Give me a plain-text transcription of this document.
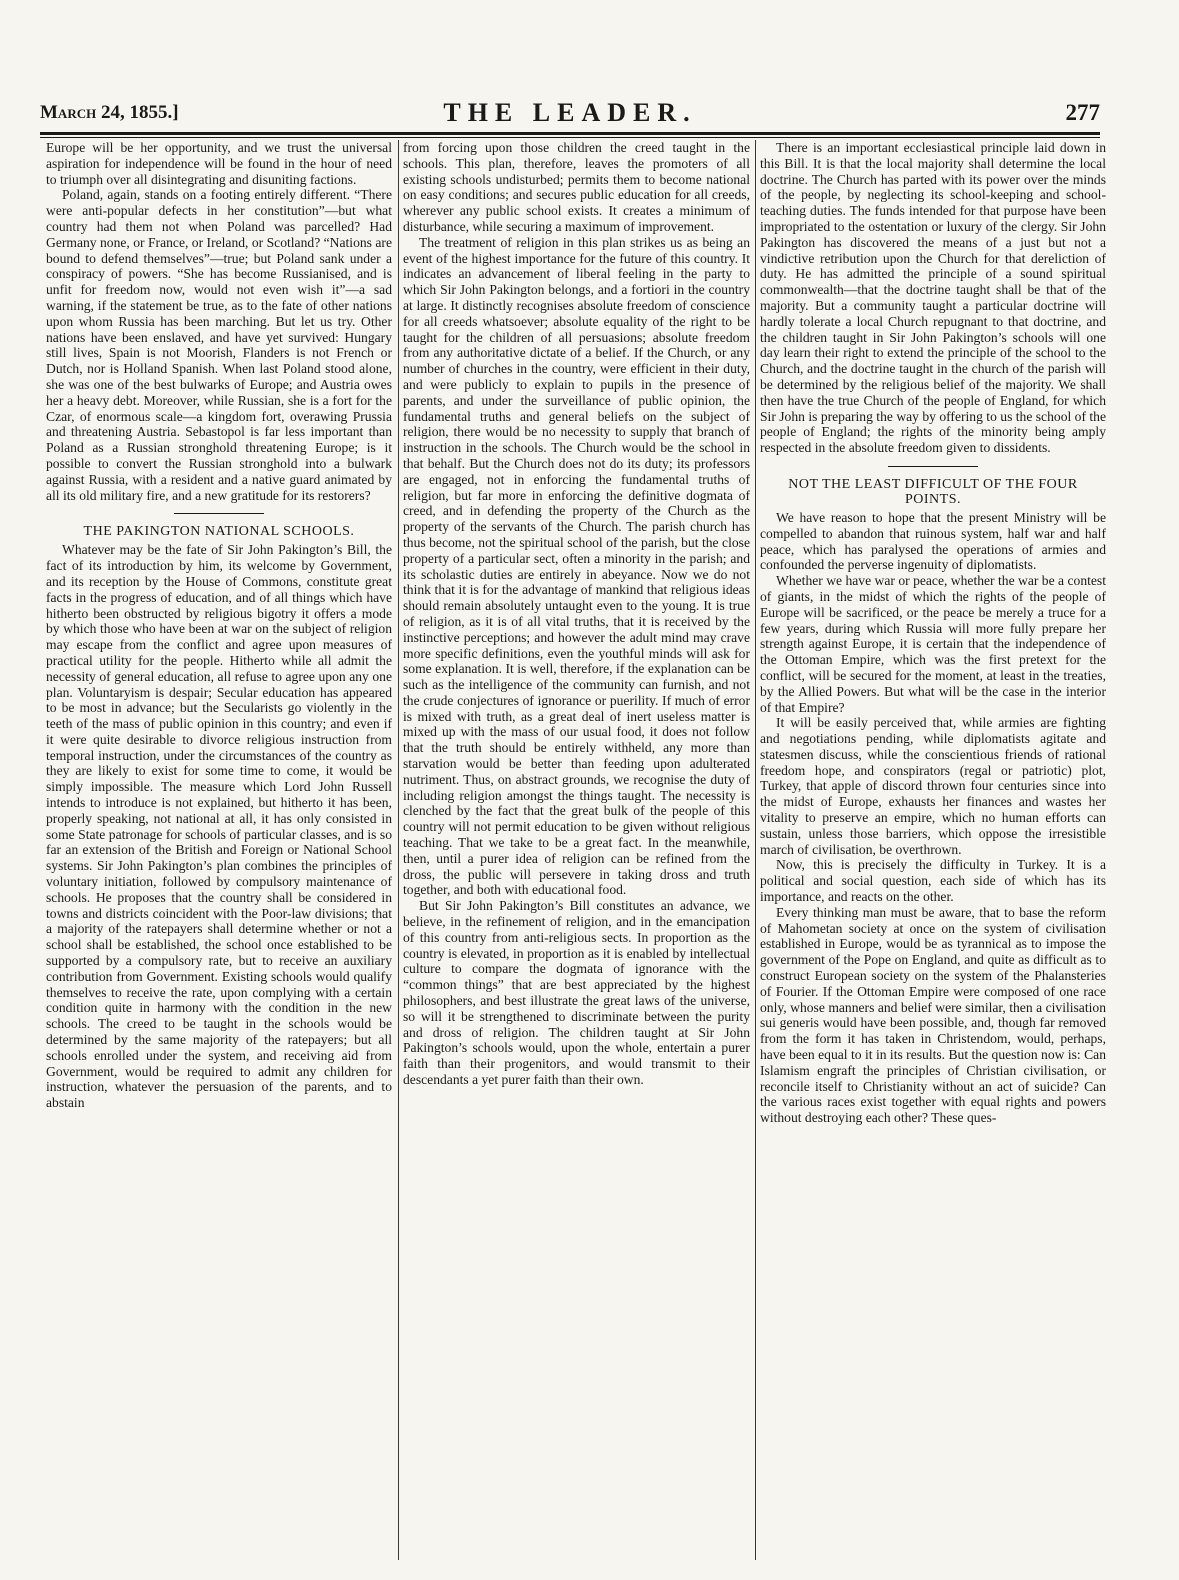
March 24, 1855.]	THE LEADER.	277

Europe will be her opportunity, and we trust the universal aspiration for independence will be found in the hour of need to triumph over all disintegrating and disuniting factions.

Poland, again, stands on a footing entirely different. “There were anti-popular defects in her constitution”—but what country had them not when Poland was parcelled? Had Germany none, or France, or Ireland, or Scotland? “Nations are bound to defend themselves”—true; but Poland sank under a conspiracy of powers. “She has become Russianised, and is unfit for freedom now, would not even wish it”—a sad warning, if the statement be true, as to the fate of other nations upon whom Russia has been marching. But let us try. Other nations have been enslaved, and have yet survived: Hungary still lives, Spain is not Moorish, Flanders is not French or Dutch, nor is Holland Spanish. When last Poland stood alone, she was one of the best bulwarks of Europe; and Austria owes her a heavy debt. Moreover, while Russian, she is a fort for the Czar, of enormous scale—a kingdom fort, overawing Prussia and threatening Austria. Sebastopol is far less important than Poland as a Russian stronghold threatening Europe; is it possible to convert the Russian stronghold into a bulwark against Russia, with a resident and a native guard animated by all its old military fire, and a new gratitude for its restorers?

THE PAKINGTON NATIONAL SCHOOLS.

Whatever may be the fate of Sir John Pakington’s Bill, the fact of its introduction by him, its welcome by Government, and its reception by the House of Commons, constitute great facts in the progress of education, and of all things which have hitherto been obstructed by religious bigotry it offers a mode by which those who have been at war on the subject of religion may escape from the conflict and agree upon measures of practical utility for the people. Hitherto while all admit the necessity of general education, all refuse to agree upon any one plan. Voluntaryism is despair; Secular education has appeared to be most in advance; but the Secularists go violently in the teeth of the mass of public opinion in this country; and even if it were quite desirable to divorce religious instruction from temporal instruction, under the circumstances of the country as they are likely to exist for some time to come, it would be simply impossible. The measure which Lord John Russell intends to introduce is not explained, but hitherto it has been, properly speaking, not national at all, it has only consisted in some State patronage for schools of particular classes, and is so far an extension of the British and Foreign or National School systems. Sir John Pakington’s plan combines the principles of voluntary initiation, followed by compulsory maintenance of schools. He proposes that the country shall be considered in towns and districts coincident with the Poor-law divisions; that a majority of the ratepayers shall determine whether or not a school shall be established, the school once established to be supported by a compulsory rate, but to receive an auxiliary contribution from Government. Existing schools would qualify themselves to receive the rate, upon complying with a certain condition quite in harmony with the condition in the new schools. The creed to be taught in the schools would be determined by the same majority of the ratepayers; but all schools enrolled under the system, and receiving aid from Government, would be required to admit any children for instruction, whatever the persuasion of the parents, and to abstain

from forcing upon those children the creed taught in the schools. This plan, therefore, leaves the promoters of all existing schools undisturbed; permits them to become national on easy conditions; and secures public education for all creeds, wherever any public school exists. It creates a minimum of disturbance, while securing a maximum of improvement.

The treatment of religion in this plan strikes us as being an event of the highest importance for the future of this country. It indicates an advancement of liberal feeling in the party to which Sir John Pakington belongs, and a fortiori in the country at large. It distinctly recognises absolute freedom of conscience for all creeds whatsoever; absolute equality of the right to be taught for the children of all persuasions; absolute freedom from any authoritative dictate of a belief. If the Church, or any number of churches in the country, were efficient in their duty, and were publicly to explain to pupils in the presence of parents, and under the surveillance of public opinion, the fundamental truths and general beliefs on the subject of religion, there would be no necessity to supply that branch of instruction in the schools. The Church would be the school in that behalf. But the Church does not do its duty; its professors are engaged, not in enforcing the fundamental truths of religion, but far more in enforcing the definitive dogmata of creed, and in defending the property of the Church as the property of the servants of the Church. The parish church has thus become, not the spiritual school of the parish, but the close property of a particular sect, often a minority in the parish; and its scholastic duties are entirely in abeyance. Now we do not think that it is for the advantage of mankind that religious ideas should remain absolutely untaught even to the young. It is true of religion, as it is of all vital truths, that it is received by the instinctive perceptions; and however the adult mind may crave more specific definitions, even the youthful minds will ask for some explanation. It is well, therefore, if the explanation can be such as the intelligence of the community can furnish, and not the crude conjectures of ignorance or puerility. If much of error is mixed with truth, as a great deal of inert useless matter is mixed up with the mass of our usual food, it does not follow that the truth should be entirely withheld, any more than starvation would be better than feeding upon adulterated nutriment. Thus, on abstract grounds, we recognise the duty of including religion amongst the things taught. The necessity is clenched by the fact that the great bulk of the people of this country will not permit education to be given without religious teaching. That we take to be a great fact. In the meanwhile, then, until a purer idea of religion can be refined from the dross, the public will persevere in taking dross and truth together, and both with educational food.

But Sir John Pakington’s Bill constitutes an advance, we believe, in the refinement of religion, and in the emancipation of this country from anti-religious sects. In proportion as the country is elevated, in proportion as it is enabled by intellectual culture to compare the dogmata of ignorance with the “common things” that are best appreciated by the highest philosophers, and best illustrate the great laws of the universe, so will it be strengthened to discriminate between the purity and dross of religion. The children taught at Sir John Pakington’s schools would, upon the whole, entertain a purer faith than their progenitors, and would transmit to their descendants a yet purer faith than their own.

There is an important ecclesiastical principle laid down in this Bill. It is that the local majority shall determine the local doctrine. The Church has parted with its power over the minds of the people, by neglecting its school-keeping and school-teaching duties. The funds intended for that purpose have been impropriated to the ostentation or luxury of the clergy. Sir John Pakington has discovered the means of a just but not a vindictive retribution upon the Church for that dereliction of duty. He has admitted the principle of a sound spiritual commonwealth—that the doctrine taught shall be that of the majority. But a community taught a particular doctrine will hardly tolerate a local Church repugnant to that doctrine, and the children taught in Sir John Pakington’s schools will one day learn their right to extend the principle of the school to the Church, and the doctrine taught in the church of the parish will be determined by the religious belief of the majority. We shall then have the true Church of the people of England, for which Sir John is preparing the way by offering to us the school of the people of England; the rights of the minority being amply respected in the absolute freedom given to dissidents.

NOT THE LEAST DIFFICULT OF THE FOUR POINTS.

We have reason to hope that the present Ministry will be compelled to abandon that ruinous system, half war and half peace, which has paralysed the operations of armies and confounded the perverse ingenuity of diplomatists.

Whether we have war or peace, whether the war be a contest of giants, in the midst of which the rights of the people of Europe will be sacrificed, or the peace be merely a truce for a few years, during which Russia will more fully prepare her strength against Europe, it is certain that the independence of the Ottoman Empire, which was the first pretext for the conflict, will be secured for the moment, at least in the treaties, by the Allied Powers. But what will be the case in the interior of that Empire?

It will be easily perceived that, while armies are fighting and negotiations pending, while diplomatists agitate and statesmen discuss, while the conscientious friends of rational freedom hope, and conspirators (regal or patriotic) plot, Turkey, that apple of discord thrown four centuries since into the midst of Europe, exhausts her finances and wastes her vitality to preserve an empire, which no human efforts can sustain, unless those barriers, which oppose the irresistible march of civilisation, be overthrown.

Now, this is precisely the difficulty in Turkey. It is a political and social question, each side of which has its importance, and reacts on the other.

Every thinking man must be aware, that to base the reform of Mahometan society at once on the system of civilisation established in Europe, would be as tyrannical as to impose the government of the Pope on England, and quite as difficult as to construct European society on the system of the Phalansteries of Fourier. If the Ottoman Empire were composed of one race only, whose manners and belief were similar, then a civilisation sui generis would have been possible, and, though far removed from the form it has taken in Christendom, would, perhaps, have been equal to it in its results. But the question now is: Can Islamism engraft the principles of Christian civilisation, or reconcile itself to Christianity without an act of suicide? Can the various races exist together with equal rights and powers without destroying each other? These ques-
